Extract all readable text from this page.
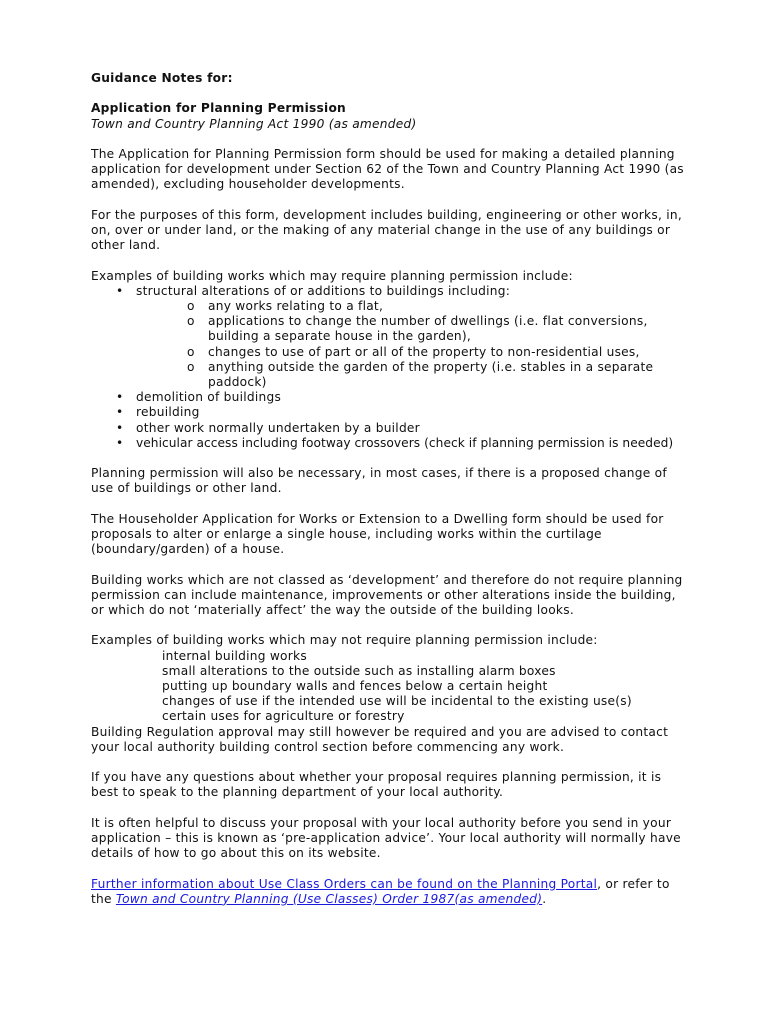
Guidance Notes for:

Application for Planning Permission

Town and Country Planning Act 1990 (as amended)

The Application for Planning Permission form should be used for making a detailed planning application for development under Section 62 of the Town and Country Planning Act 1990 (as amended), excluding householder developments.

For the purposes of this form, development includes building, engineering or other works, in, on, over or under land, or the making of any material change in the use of any buildings or other land.

Examples of building works which may require planning permission include:

• structural alterations of or additions to buildings including:
o any works relating to a flat,
o applications to change the number of dwellings (i.e. flat conversions, building a separate house in the garden),
o changes to use of part or all of the property to non-residential uses,
o anything outside the garden of the property (i.e. stables in a separate paddock)
• demolition of buildings
• rebuilding
• other work normally undertaken by a builder
• vehicular access including footway crossovers (check if planning permission is needed)

Planning permission will also be necessary, in most cases, if there is a proposed change of use of buildings or other land.

The Householder Application for Works or Extension to a Dwelling form should be used for proposals to alter or enlarge a single house, including works within the curtilage (boundary/garden) of a house.

Building works which are not classed as ‘development’ and therefore do not require planning permission can include maintenance, improvements or other alterations inside the building, or which do not ‘materially affect’ the way the outside of the building looks.

Examples of building works which may not require planning permission include:

internal building works
small alterations to the outside such as installing alarm boxes
putting up boundary walls and fences below a certain height
changes of use if the intended use will be incidental to the existing use(s)
certain uses for agriculture or forestry

Building Regulation approval may still however be required and you are advised to contact your local authority building control section before commencing any work.

If you have any questions about whether your proposal requires planning permission, it is best to speak to the planning department of your local authority.

It is often helpful to discuss your proposal with your local authority before you send in your application – this is known as ‘pre-application advice’. Your local authority will normally have details of how to go about this on its website.

Further information about Use Class Orders can be found on the Planning Portal, or refer to the Town and Country Planning (Use Classes) Order 1987(as amended).
